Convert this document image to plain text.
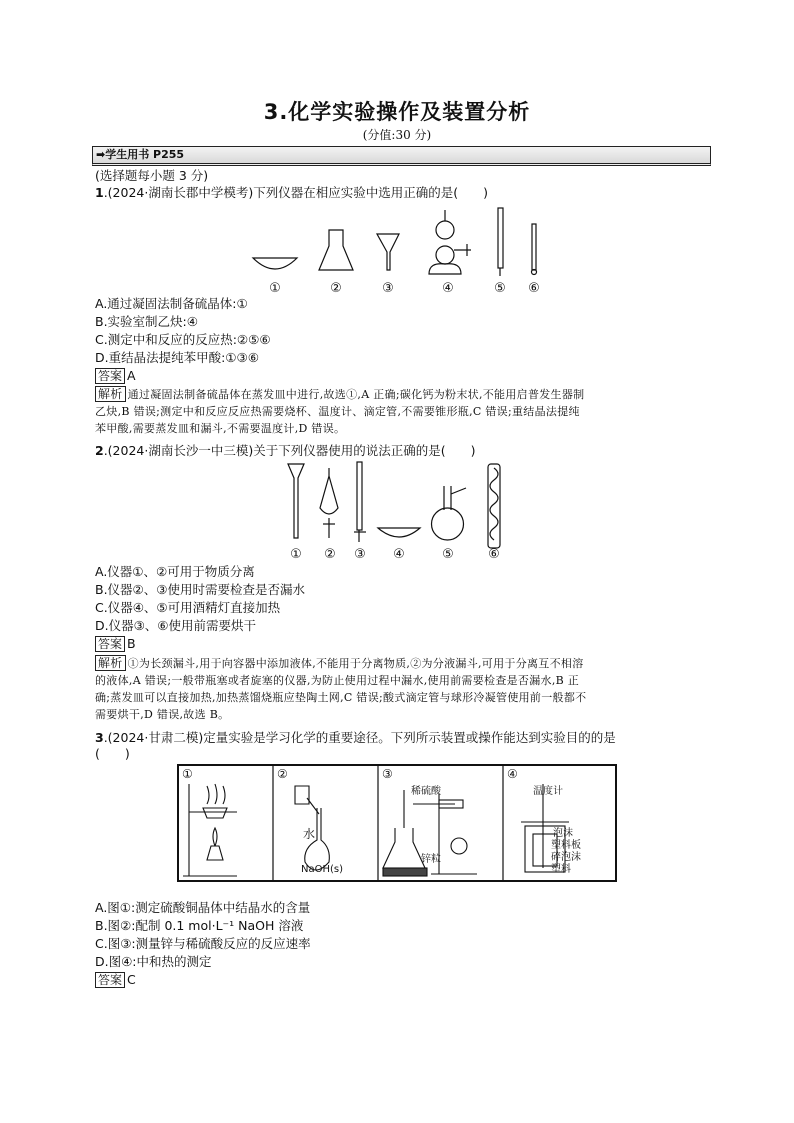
3.化学实验操作及装置分析
(分值:30 分)
➡学生用书 P255
(选择题每小题 3 分)
1.(2024·湖南长郡中学模考)下列仪器在相应实验中选用正确的是(　　)
①	②	③	④	⑤ ⑥
A.通过凝固法制备硫晶体:①
B.实验室制乙炔:④
C.测定中和反应的反应热:②⑤⑥
D.重结晶法提纯苯甲酸:①③⑥
答案 A
解析 通过凝固法制备硫晶体在蒸发皿中进行,故选①,A 正确;碳化钙为粉末状,不能用启普发生器制
乙炔,B 错误;测定中和反应反应热需要烧杯、温度计、滴定管,不需要锥形瓶,C 错误;重结晶法提纯
苯甲酸,需要蒸发皿和漏斗,不需要温度计,D 错误。
2.(2024·湖南长沙一中三模)关于下列仪器使用的说法正确的是(　　)
① ② ③ ④	⑤	⑥
A.仪器①、②可用于物质分离
B.仪器②、③使用时需要检查是否漏水
C.仪器④、⑤可用酒精灯直接加热
D.仪器③、⑥使用前需要烘干
答案 B
解析 ①为长颈漏斗,用于向容器中添加液体,不能用于分离物质,②为分液漏斗,可用于分离互不相溶
的液体,A 错误;一般带瓶塞或者旋塞的仪器,为防止使用过程中漏水,使用前需要检查是否漏水,B 正
确;蒸发皿可以直接加热,加热蒸馏烧瓶应垫陶土网,C 错误;酸式滴定管与球形冷凝管使用前一般都不
需要烘干,D 错误,故选 B。
3.(2024·甘肃二模)定量实验是学习化学的重要途径。下列所示装置或操作能达到实验目的的是
(　　)
①	②	③	④
水
NaOH(s)
稀硫酸
锌粒
温度计
泡沫
塑料板
碎泡沫
塑料
A.图①:测定硫酸铜晶体中结晶水的含量
B.图②:配制 0.1 mol·L⁻¹ NaOH 溶液
C.图③:测量锌与稀硫酸反应的反应速率
D.图④:中和热的测定
答案 C
